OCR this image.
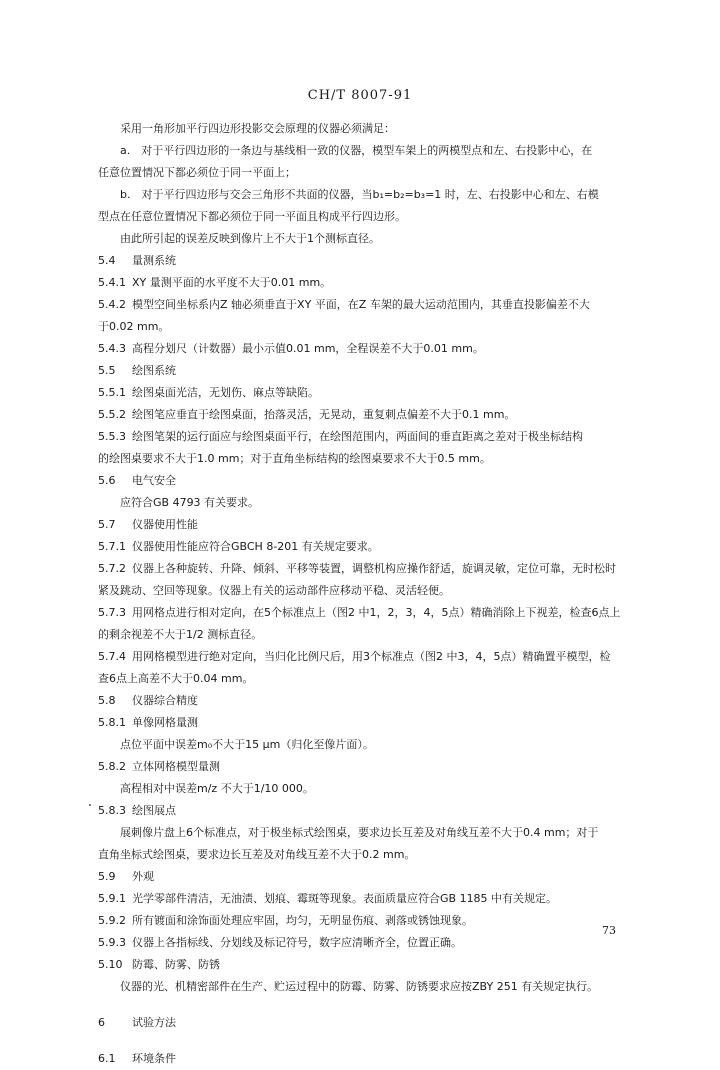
CH/T 8007-91
采用一角形加平行四边形投影交会原理的仪器必须满足：
a.　对于平行四边形的一条边与基线相一致的仪器，模型车架上的两模型点和左、右投影中心，在
任意位置情况下都必须位于同一平面上；
b.　对于平行四边形与交会三角形不共面的仪器，当b₁=b₂=b₃=1 时，左、右投影中心和左、右模
型点在任意位置情况下都必须位于同一平面且构成平行四边形。
由此所引起的误差反映到像片上不大于1个测标直径。
5.4 量测系统
5.4.1 XY 量测平面的水平度不大于0.01 mm。
5.4.2 模型空间坐标系内Z 轴必须垂直于XY 平面，在Z 车架的最大运动范围内，其垂直投影偏差不大
于0.02 mm。
5.4.3 高程分划尺（计数器）最小示值0.01 mm，全程误差不大于0.01 mm。
5.5 绘图系统
5.5.1 绘图桌面光洁，无划伤、麻点等缺陷。
5.5.2 绘图笔应垂直于绘图桌面，抬落灵活，无晃动，重复刺点偏差不大于0.1 mm。
5.5.3 绘图笔架的运行面应与绘图桌面平行，在绘图范围内，两面间的垂直距离之差对于极坐标结构
的绘图桌要求不大于1.0 mm；对于直角坐标结构的绘图桌要求不大于0.5 mm。
5.6 电气安全
应符合GB 4793 有关要求。
5.7 仪器使用性能
5.7.1 仪器使用性能应符合GBCH 8-201 有关规定要求。
5.7.2 仪器上各种旋转、升降、倾斜、平移等装置，调整机构应操作舒适，旋调灵敏，定位可靠，无时松时
紧及跳动、空回等现象。仪器上有关的运动部件应移动平稳、灵活轻便。
5.7.3 用网格点进行相对定向，在5个标准点上（图2 中1，2，3，4，5点）精确消除上下视差，检查6点上
的剩余视差不大于1/2 测标直径。
5.7.4 用网格模型进行绝对定向，当归化比例尺后，用3个标准点（图2 中3，4，5点）精确置平模型，检
查6点上高差不大于0.04 mm。
5.8 仪器综合精度
5.8.1 单像网格量测
点位平面中误差m₀不大于15 μm（归化至像片面）。
5.8.2 立体网格模型量测
高程相对中误差m/z 不大于1/10 000。
5.8.3 绘图展点
展刺像片盘上6个标准点，对于极坐标式绘图桌，要求边长互差及对角线互差不大于0.4 mm；对于
直角坐标式绘图桌，要求边长互差及对角线互差不大于0.2 mm。
5.9 外观
5.9.1 光学零部件清洁，无油渍、划痕、霉斑等现象。表面质量应符合GB 1185 中有关规定。
5.9.2 所有镀面和涂饰面处理应牢固，均匀，无明显伤痕、剥落或锈蚀现象。
5.9.3 仪器上各指标线、分划线及标记符号，数字应清晰齐全，位置正确。
5.10 防霉、防雾、防锈
仪器的光、机精密部件在生产、贮运过程中的防霉、防雾、防锈要求应按ZBY 251 有关规定执行。
6 试验方法
6.1 环境条件
73
